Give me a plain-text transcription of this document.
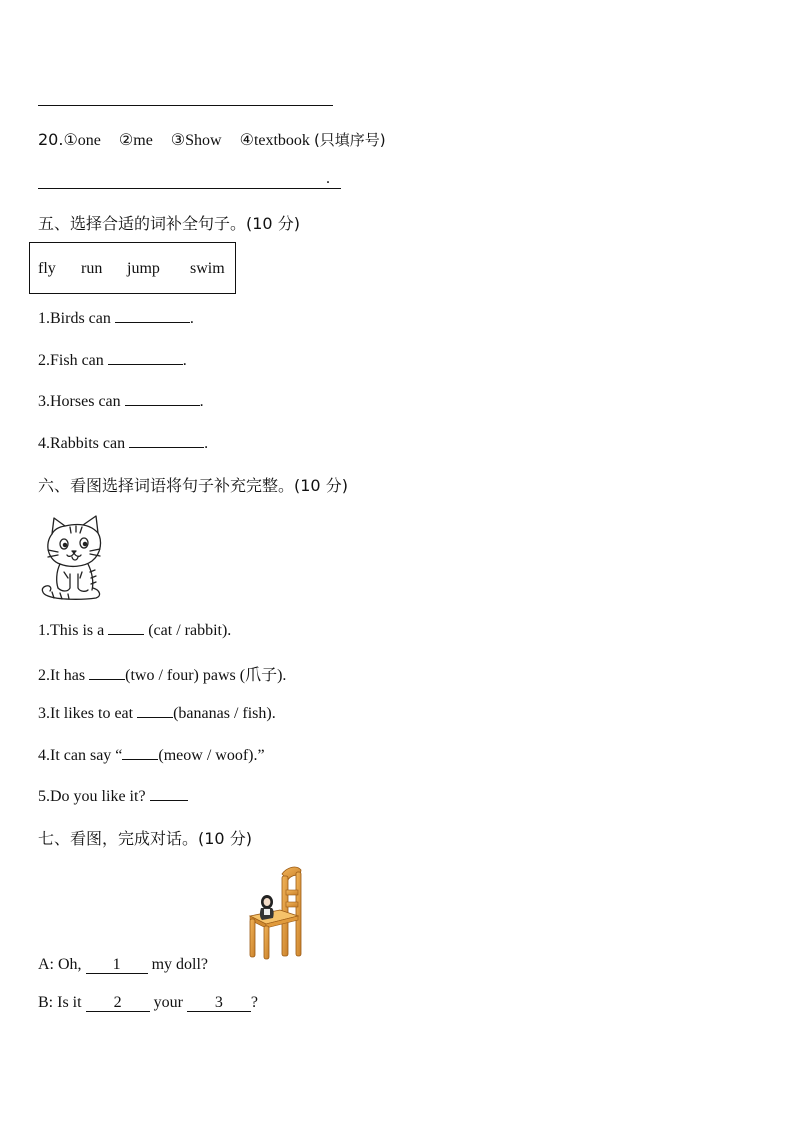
20.①one ②me ③Show ④textbook (只填序号)
.
五、选择合适的词补全句子。(10 分)
fly run jump swim
1.Birds can	.
2.Fish can	.
3.Horses can	.
4.Rabbits can	.
六、看图选择词语将句子补充完整。(10 分)
1.This is a	(cat / rabbit).
2.It has	(two / four) paws (爪子).
3.It likes to eat	(bananas / fish).
4.It can say “ (meow / woof).”
5.Do you like it?
七、看图，完成对话。(10 分)
A: Oh, 1 my doll?
B: Is it 2 your 3 ?
